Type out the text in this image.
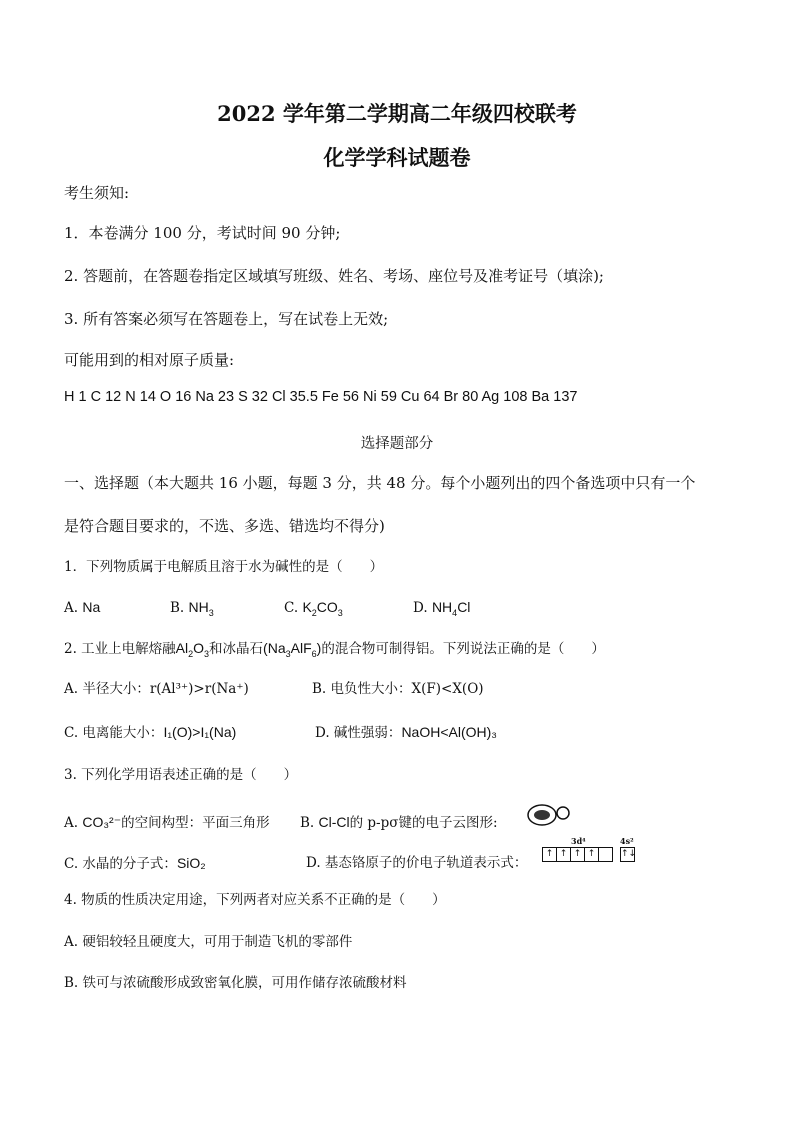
2022 学年第二学期高二年级四校联考
化学学科试题卷
考生须知:
1．本卷满分 100 分，考试时间 90 分钟;
2. 答题前，在答题卷指定区域填写班级、姓名、考场、座位号及准考证号（填涂);
3. 所有答案必须写在答题卷上，写在试卷上无效;
可能用到的相对原子质量:
H 1 C 12 N 14 O 16 Na 23 S 32 Cl 35.5 Fe 56 Ni 59 Cu 64 Br 80 Ag 108 Ba 137
选择题部分
一、选择题（本大题共 16 小题，每题 3 分，共 48 分。每个小题列出的四个备选项中只有一个
是符合题目要求的，不选、多选、错选均不得分)
1．下列物质属于电解质且溶于水为碱性的是（　　）
A. Na	B. $NH_3$	C. $K_2CO_3$	D. $NH_4Cl$
2. 工业上电解熔融$Al_2O_3$和冰晶石$(Na_3AlF_6)$的混合物可制得铝。下列说法正确的是（　　）
A. 半径大小：r(Al³⁺)>r(Na⁺)	B. 电负性大小：X(F)<X(O)
C. 电离能大小：I₁(O)>I₁(Na)	D. 碱性强弱：NaOH<Al(OH)₃
3. 下列化学用语表述正确的是（　　）
A. CO₃²⁻的空间构型：平面三角形 B. Cl-Cl的 p-pσ键的电子云图形:
C. 水晶的分子式：SiO₂	D. 基态铬原子的价电子轨道表示式：
3d⁴
↑ ↑ ↑ ↑
4s²
↑↓
4. 物质的性质决定用途，下列两者对应关系不正确的是（　　）
A. 硬铝较轻且硬度大，可用于制造飞机的零部件
B. 铁可与浓硫酸形成致密氧化膜，可用作储存浓硫酸材料
